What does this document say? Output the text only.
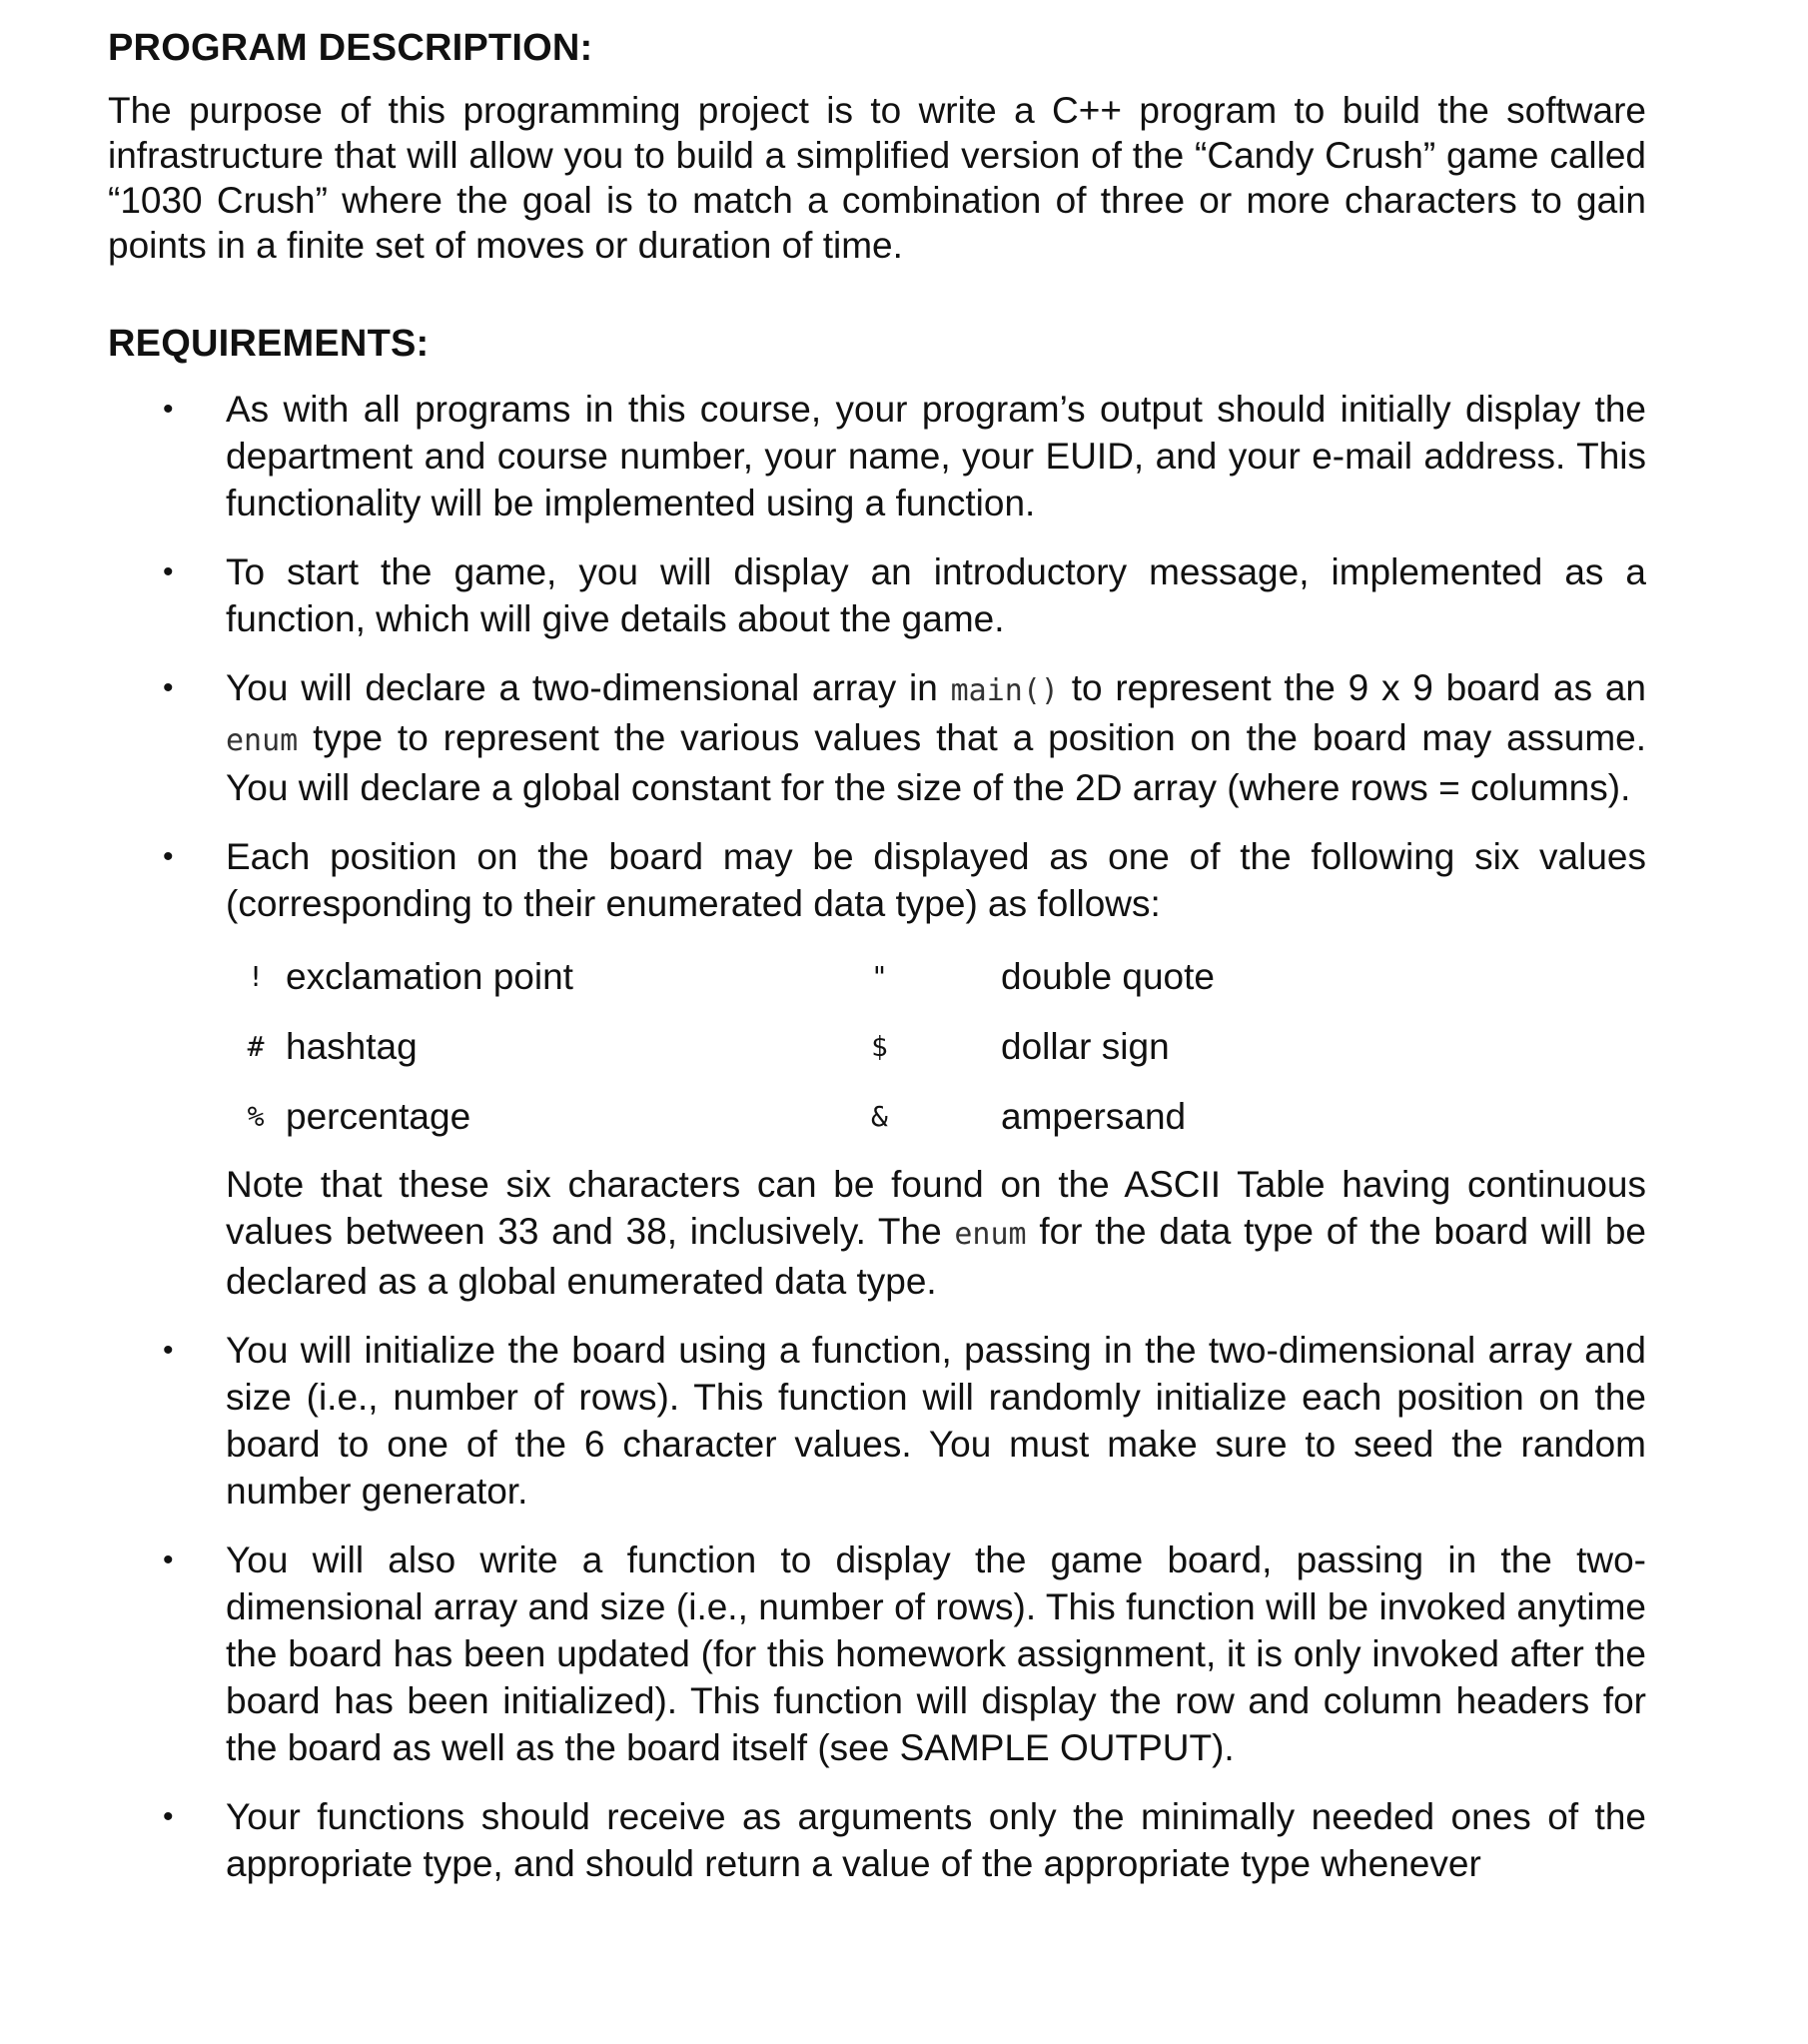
PROGRAM DESCRIPTION:

The purpose of this programming project is to write a C++ program to build the software infrastructure that will allow you to build a simplified version of the “Candy Crush” game called “1030 Crush” where the goal is to match a combination of three or more characters to gain points in a finite set of moves or duration of time.

REQUIREMENTS:
• As with all programs in this course, your program’s output should initially display the department and course number, your name, your EUID, and your e-mail address. This functionality will be implemented using a function.
• To start the game, you will display an introductory message, implemented as a function, which will give details about the game.
• You will declare a two-dimensional array in main() to represent the 9 x 9 board as an enum type to represent the various values that a position on the board may assume. You will declare a global constant for the size of the 2D array (where rows = columns).
• Each position on the board may be displayed as one of the following six values (corresponding to their enumerated data type) as follows:
!	exclamation point	"	double quote
#	hashtag	$	dollar sign
%	percentage	&	ampersand

Note that these six characters can be found on the ASCII Table having continuous values between 33 and 38, inclusively. The enum for the data type of the board will be declared as a global enumerated data type.

• You will initialize the board using a function, passing in the two-dimensional array and size (i.e., number of rows). This function will randomly initialize each position on the board to one of the 6 character values. You must make sure to seed the random number generator.
• You will also write a function to display the game board, passing in the two-dimensional array and size (i.e., number of rows). This function will be invoked anytime the board has been updated (for this homework assignment, it is only invoked after the board has been initialized). This function will display the row and column headers for the board as well as the board itself (see SAMPLE OUTPUT).
• Your functions should receive as arguments only the minimally needed ones of the appropriate type, and should return a value of the appropriate type whenever
